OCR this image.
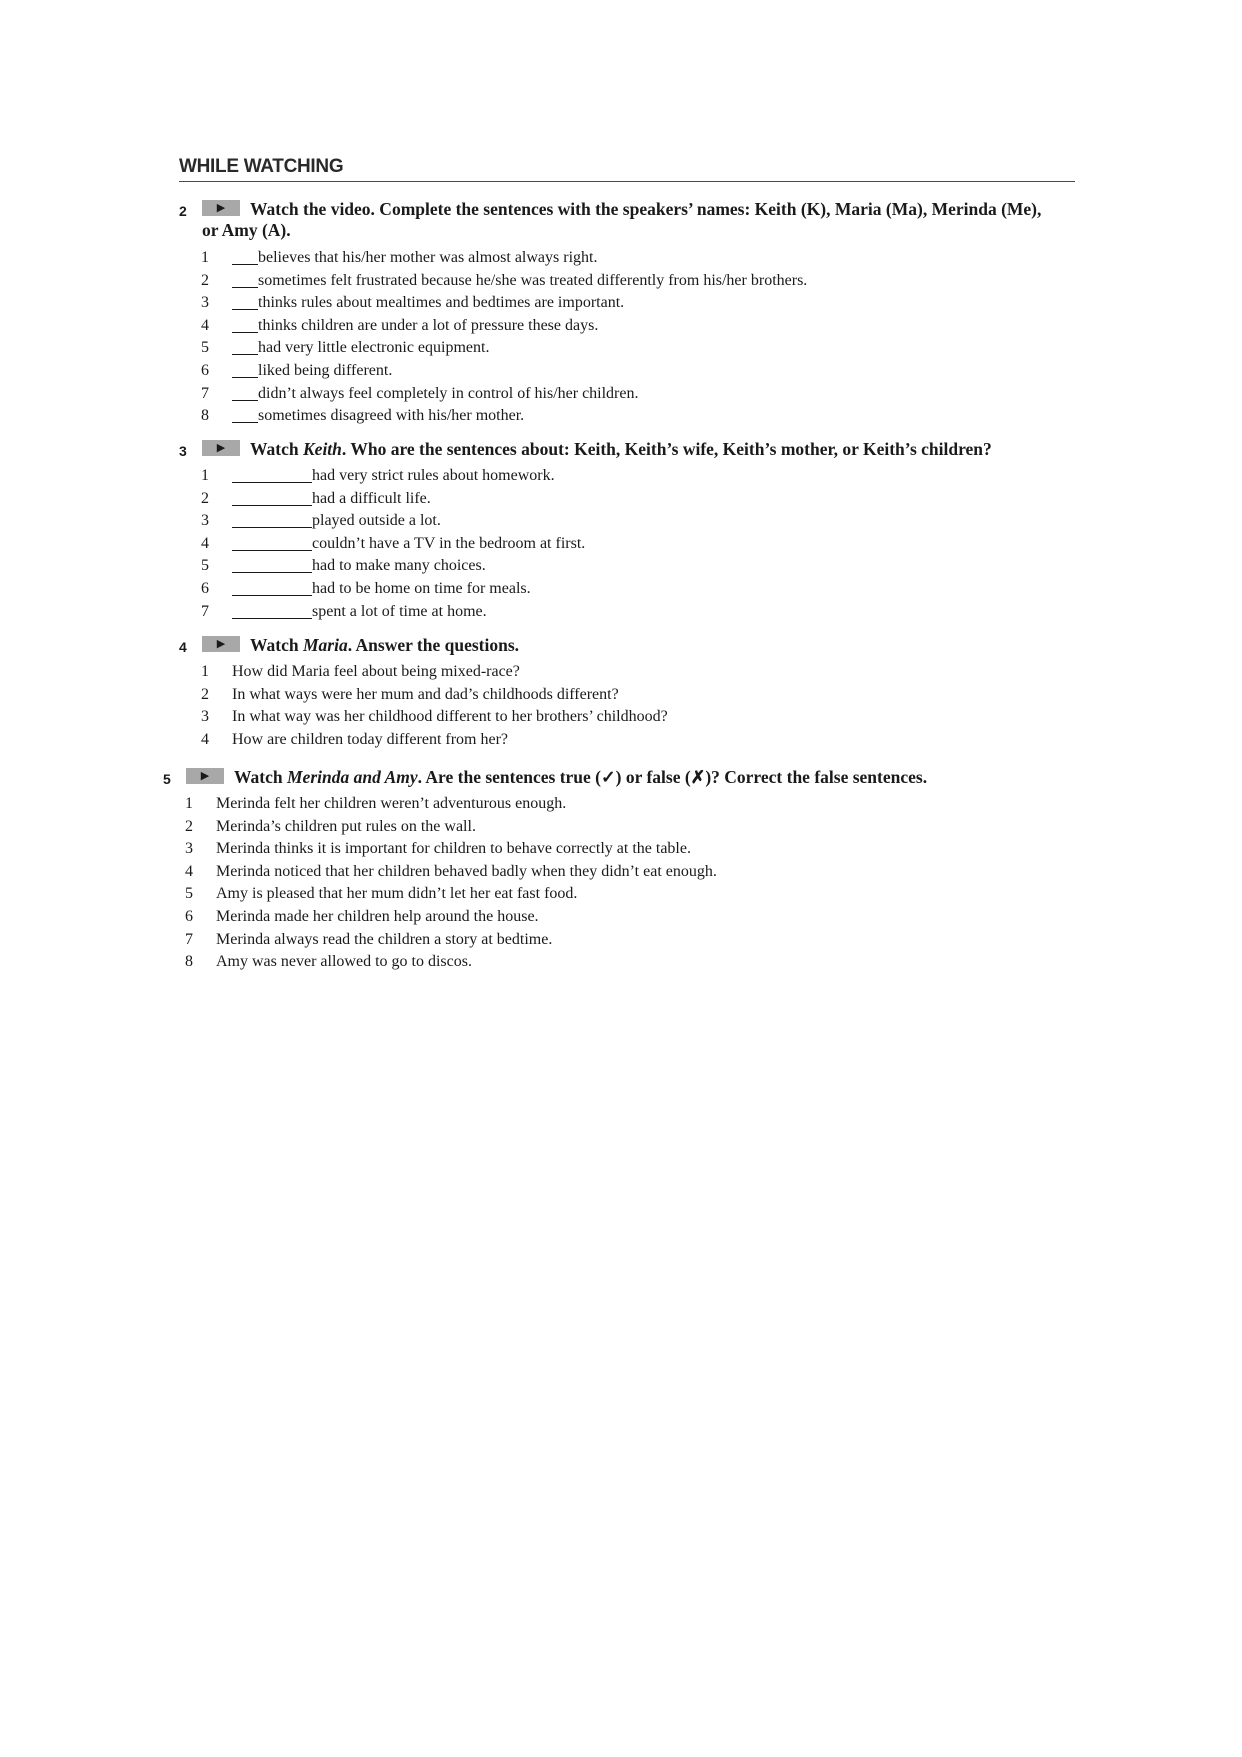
WHILE WATCHING
2	▶	Watch the video. Complete the sentences with the speakers’ names: Keith (K), Maria (Ma), Merinda (Me),
or Amy (A).
1	believes that his/her mother was almost always right.
2	sometimes felt frustrated because he/she was treated differently from his/her brothers.
3	thinks rules about mealtimes and bedtimes are important.
4	thinks children are under a lot of pressure these days.
5	had very little electronic equipment.
6	liked being different.
7	didn’t always feel completely in control of his/her children.
8	sometimes disagreed with his/her mother.
3	▶	Watch Keith. Who are the sentences about: Keith, Keith’s wife, Keith’s mother, or Keith’s children?
1	had very strict rules about homework.
2	had a difficult life.
3	played outside a lot.
4	couldn’t have a TV in the bedroom at first.
5	had to make many choices.
6	had to be home on time for meals.
7	spent a lot of time at home.
4	▶	Watch Maria. Answer the questions.
1	How did Maria feel about being mixed-race?
2	In what ways were her mum and dad’s childhoods different?
3	In what way was her childhood different to her brothers’ childhood?
4	How are children today different from her?
5	▶	Watch Merinda and Amy. Are the sentences true (✓) or false (✗)? Correct the false sentences.
1	Merinda felt her children weren’t adventurous enough.
2	Merinda’s children put rules on the wall.
3	Merinda thinks it is important for children to behave correctly at the table.
4	Merinda noticed that her children behaved badly when they didn’t eat enough.
5	Amy is pleased that her mum didn’t let her eat fast food.
6	Merinda made her children help around the house.
7	Merinda always read the children a story at bedtime.
8	Amy was never allowed to go to discos.
